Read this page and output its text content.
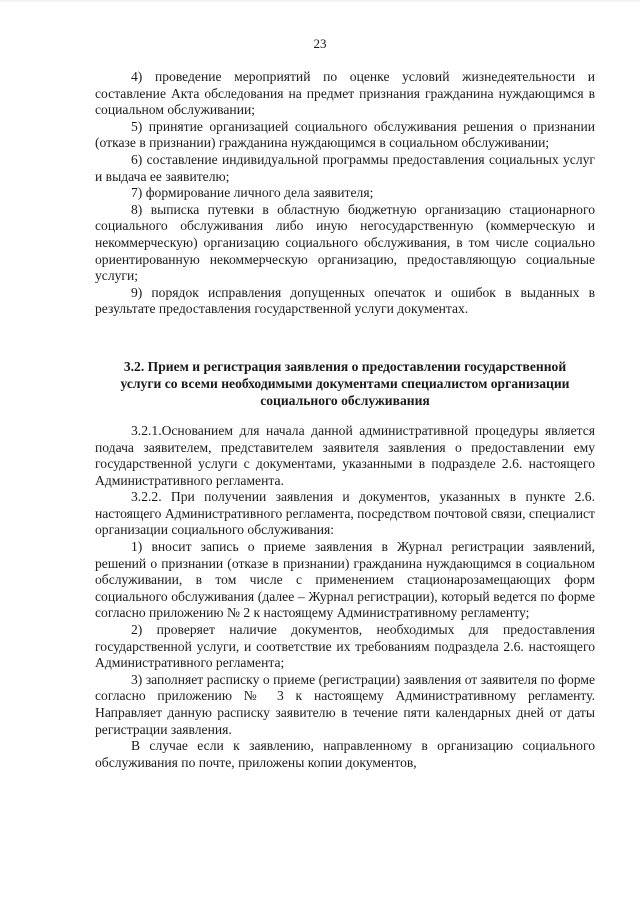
23

4) проведение мероприятий по оценке условий жизнедеятельности и составление Акта обследования на предмет признания гражданина нуждающимся в социальном обслуживании;

5) принятие организацией социального обслуживания решения о признании (отказе в признании) гражданина нуждающимся в социальном обслуживании;

6) составление индивидуальной программы предоставления социальных услуг и выдача ее заявителю;

7) формирование личного дела заявителя;

8) выписка путевки в областную бюджетную организацию стационарного социального обслуживания либо иную негосударственную (коммерческую и некоммерческую) организацию социального обслуживания, в том числе социально ориентированную некоммерческую организацию, предоставляющую социальные услуги;

9) порядок исправления допущенных опечаток и ошибок в выданных в результате предоставления государственной услуги документах.

3.2. Прием и регистрация заявления о предоставлении государственной услуги со всеми необходимыми документами специалистом организации социального обслуживания

3.2.1.Основанием для начала данной административной процедуры является подача заявителем, представителем заявителя заявления о предоставлении ему государственной услуги с документами, указанными в подразделе 2.6. настоящего Административного регламента.

3.2.2. При получении заявления и документов, указанных в пункте 2.6. настоящего Административного регламента, посредством почтовой связи, специалист организации социального обслуживания:

1) вносит запись о приеме заявления в Журнал регистрации заявлений, решений о признании (отказе в признании) гражданина нуждающимся в социальном обслуживании, в том числе с применением стационарозамещающих форм социального обслуживания (далее – Журнал регистрации), который ведется по форме согласно приложению № 2 к настоящему Административному регламенту;

2) проверяет наличие документов, необходимых для предоставления государственной услуги, и соответствие их требованиям подраздела 2.6. настоящего Административного регламента;

3) заполняет расписку о приеме (регистрации) заявления от заявителя по форме согласно приложению № 3 к настоящему Административному регламенту. Направляет данную расписку заявителю в течение пяти календарных дней от даты регистрации заявления.

В случае если к заявлению, направленному в организацию социального обслуживания по почте, приложены копии документов,
